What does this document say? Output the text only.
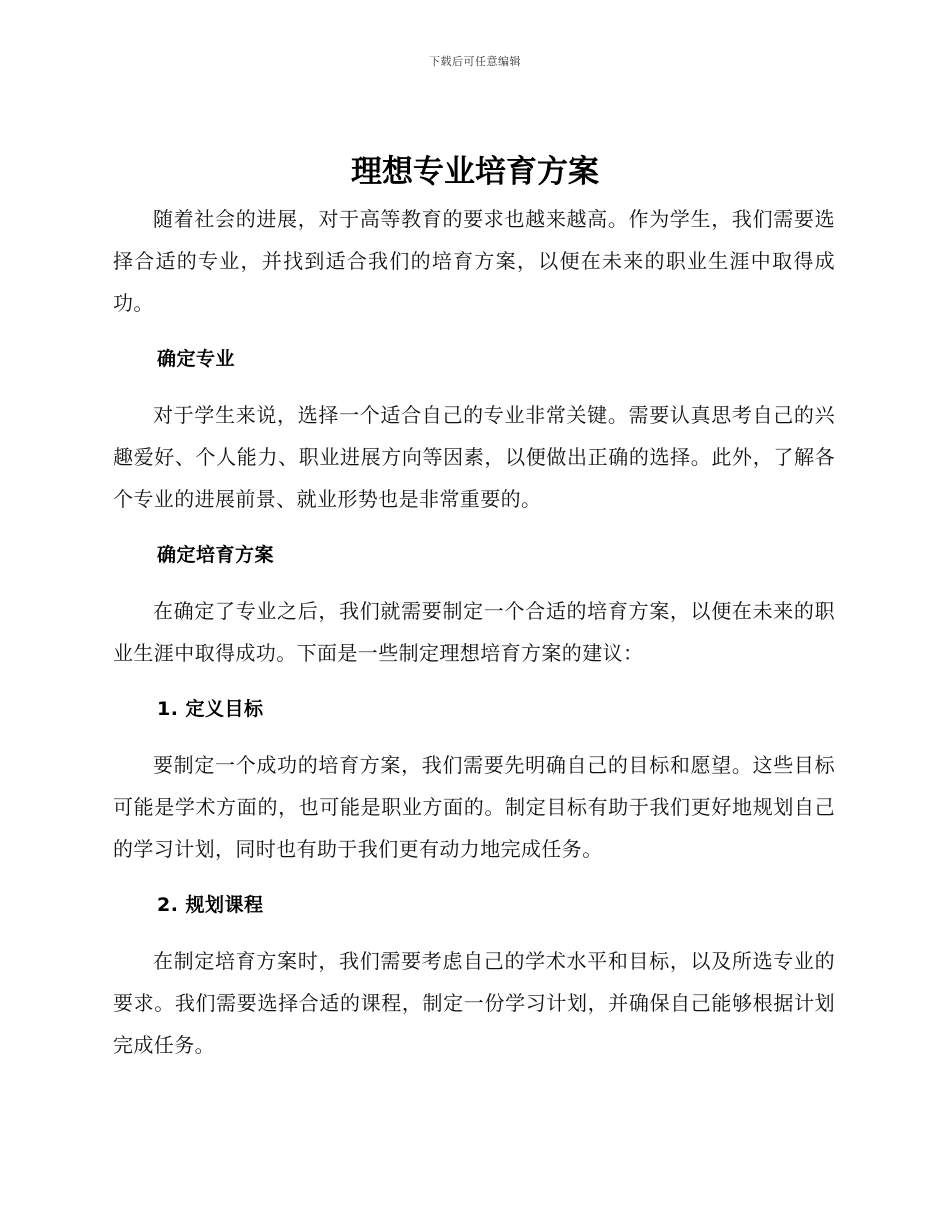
下载后可任意编辑
理想专业培育方案

随着社会的进展，对于高等教育的要求也越来越高。作为学生，我们需要选择合适的专业，并找到适合我们的培育方案，以便在未来的职业生涯中取得成功。

确定专业

对于学生来说，选择一个适合自己的专业非常关键。需要认真思考自己的兴趣爱好、个人能力、职业进展方向等因素，以便做出正确的选择。此外，了解各个专业的进展前景、就业形势也是非常重要的。

确定培育方案

在确定了专业之后，我们就需要制定一个合适的培育方案，以便在未来的职业生涯中取得成功。下面是一些制定理想培育方案的建议：

1. 定义目标

要制定一个成功的培育方案，我们需要先明确自己的目标和愿望。这些目标可能是学术方面的，也可能是职业方面的。制定目标有助于我们更好地规划自己的学习计划，同时也有助于我们更有动力地完成任务。

2. 规划课程

在制定培育方案时，我们需要考虑自己的学术水平和目标，以及所选专业的要求。我们需要选择合适的课程，制定一份学习计划，并确保自己能够根据计划完成任务。
